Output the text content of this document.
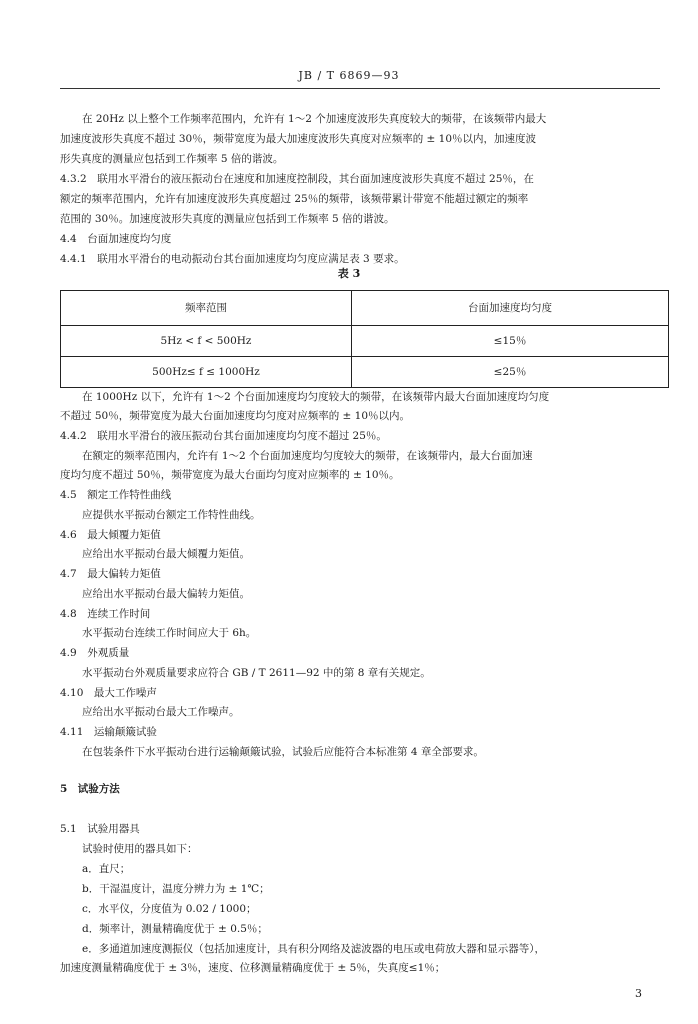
JB / T 6869—93
在 20Hz 以上整个工作频率范围内，允许有 1～2 个加速度波形失真度较大的频带，在该频带内最大
加速度波形失真度不超过 30％，频带宽度为最大加速度波形失真度对应频率的 ± 10％以内，加速度波
形失真度的测量应包括到工作频率 5 倍的谐波。
4.3.2　联用水平滑台的液压振动台在速度和加速度控制段，其台面加速度波形失真度不超过 25％，在
额定的频率范围内，允许有加速度波形失真度超过 25％的频带，该频带累计带宽不能超过额定的频率
范围的 30％。加速度波形失真度的测量应包括到工作频率 5 倍的谐波。
4.4　台面加速度均匀度
4.4.1　联用水平滑台的电动振动台其台面加速度均匀度应满足表 3 要求。
表 3
频率范围	台面加速度均匀度
5Hz < f < 500Hz	≤15％
500Hz≤ f ≤ 1000Hz	≤25％
在 1000Hz 以下，允许有 1～2 个台面加速度均匀度较大的频带，在该频带内最大台面加速度均匀度
不超过 50％，频带宽度为最大台面加速度均匀度对应频率的 ± 10％以内。
4.4.2　联用水平滑台的液压振动台其台面加速度均匀度不超过 25％。
在额定的频率范围内，允许有 1～2 个台面加速度均匀度较大的频带，在该频带内，最大台面加速
度均匀度不超过 50％，频带宽度为最大台面均匀度对应频率的 ± 10％。
4.5　额定工作特性曲线
应提供水平振动台额定工作特性曲线。
4.6　最大倾覆力矩值
应给出水平振动台最大倾覆力矩值。
4.7　最大偏转力矩值
应给出水平振动台最大偏转力矩值。
4.8　连续工作时间
水平振动台连续工作时间应大于 6h。
4.9　外观质量
水平振动台外观质量要求应符合 GB / T 2611—92 中的第 8 章有关规定。
4.10　最大工作噪声
应给出水平振动台最大工作噪声。
4.11　运输颠簸试验
在包装条件下水平振动台进行运输颠簸试验，试验后应能符合本标准第 4 章全部要求。
5　试验方法
5.1　试验用器具
试验时使用的器具如下：
a．直尺；
b．干湿温度计，温度分辨力为 ± 1℃；
c．水平仪，分度值为 0.02 / 1000；
d．频率计，测量精确度优于 ± 0.5％；
e．多通道加速度测振仪（包括加速度计，具有积分网络及滤波器的电压或电荷放大器和显示器等），
加速度测量精确度优于 ± 3％，速度、位移测量精确度优于 ± 5％，失真度≤1％；
3
